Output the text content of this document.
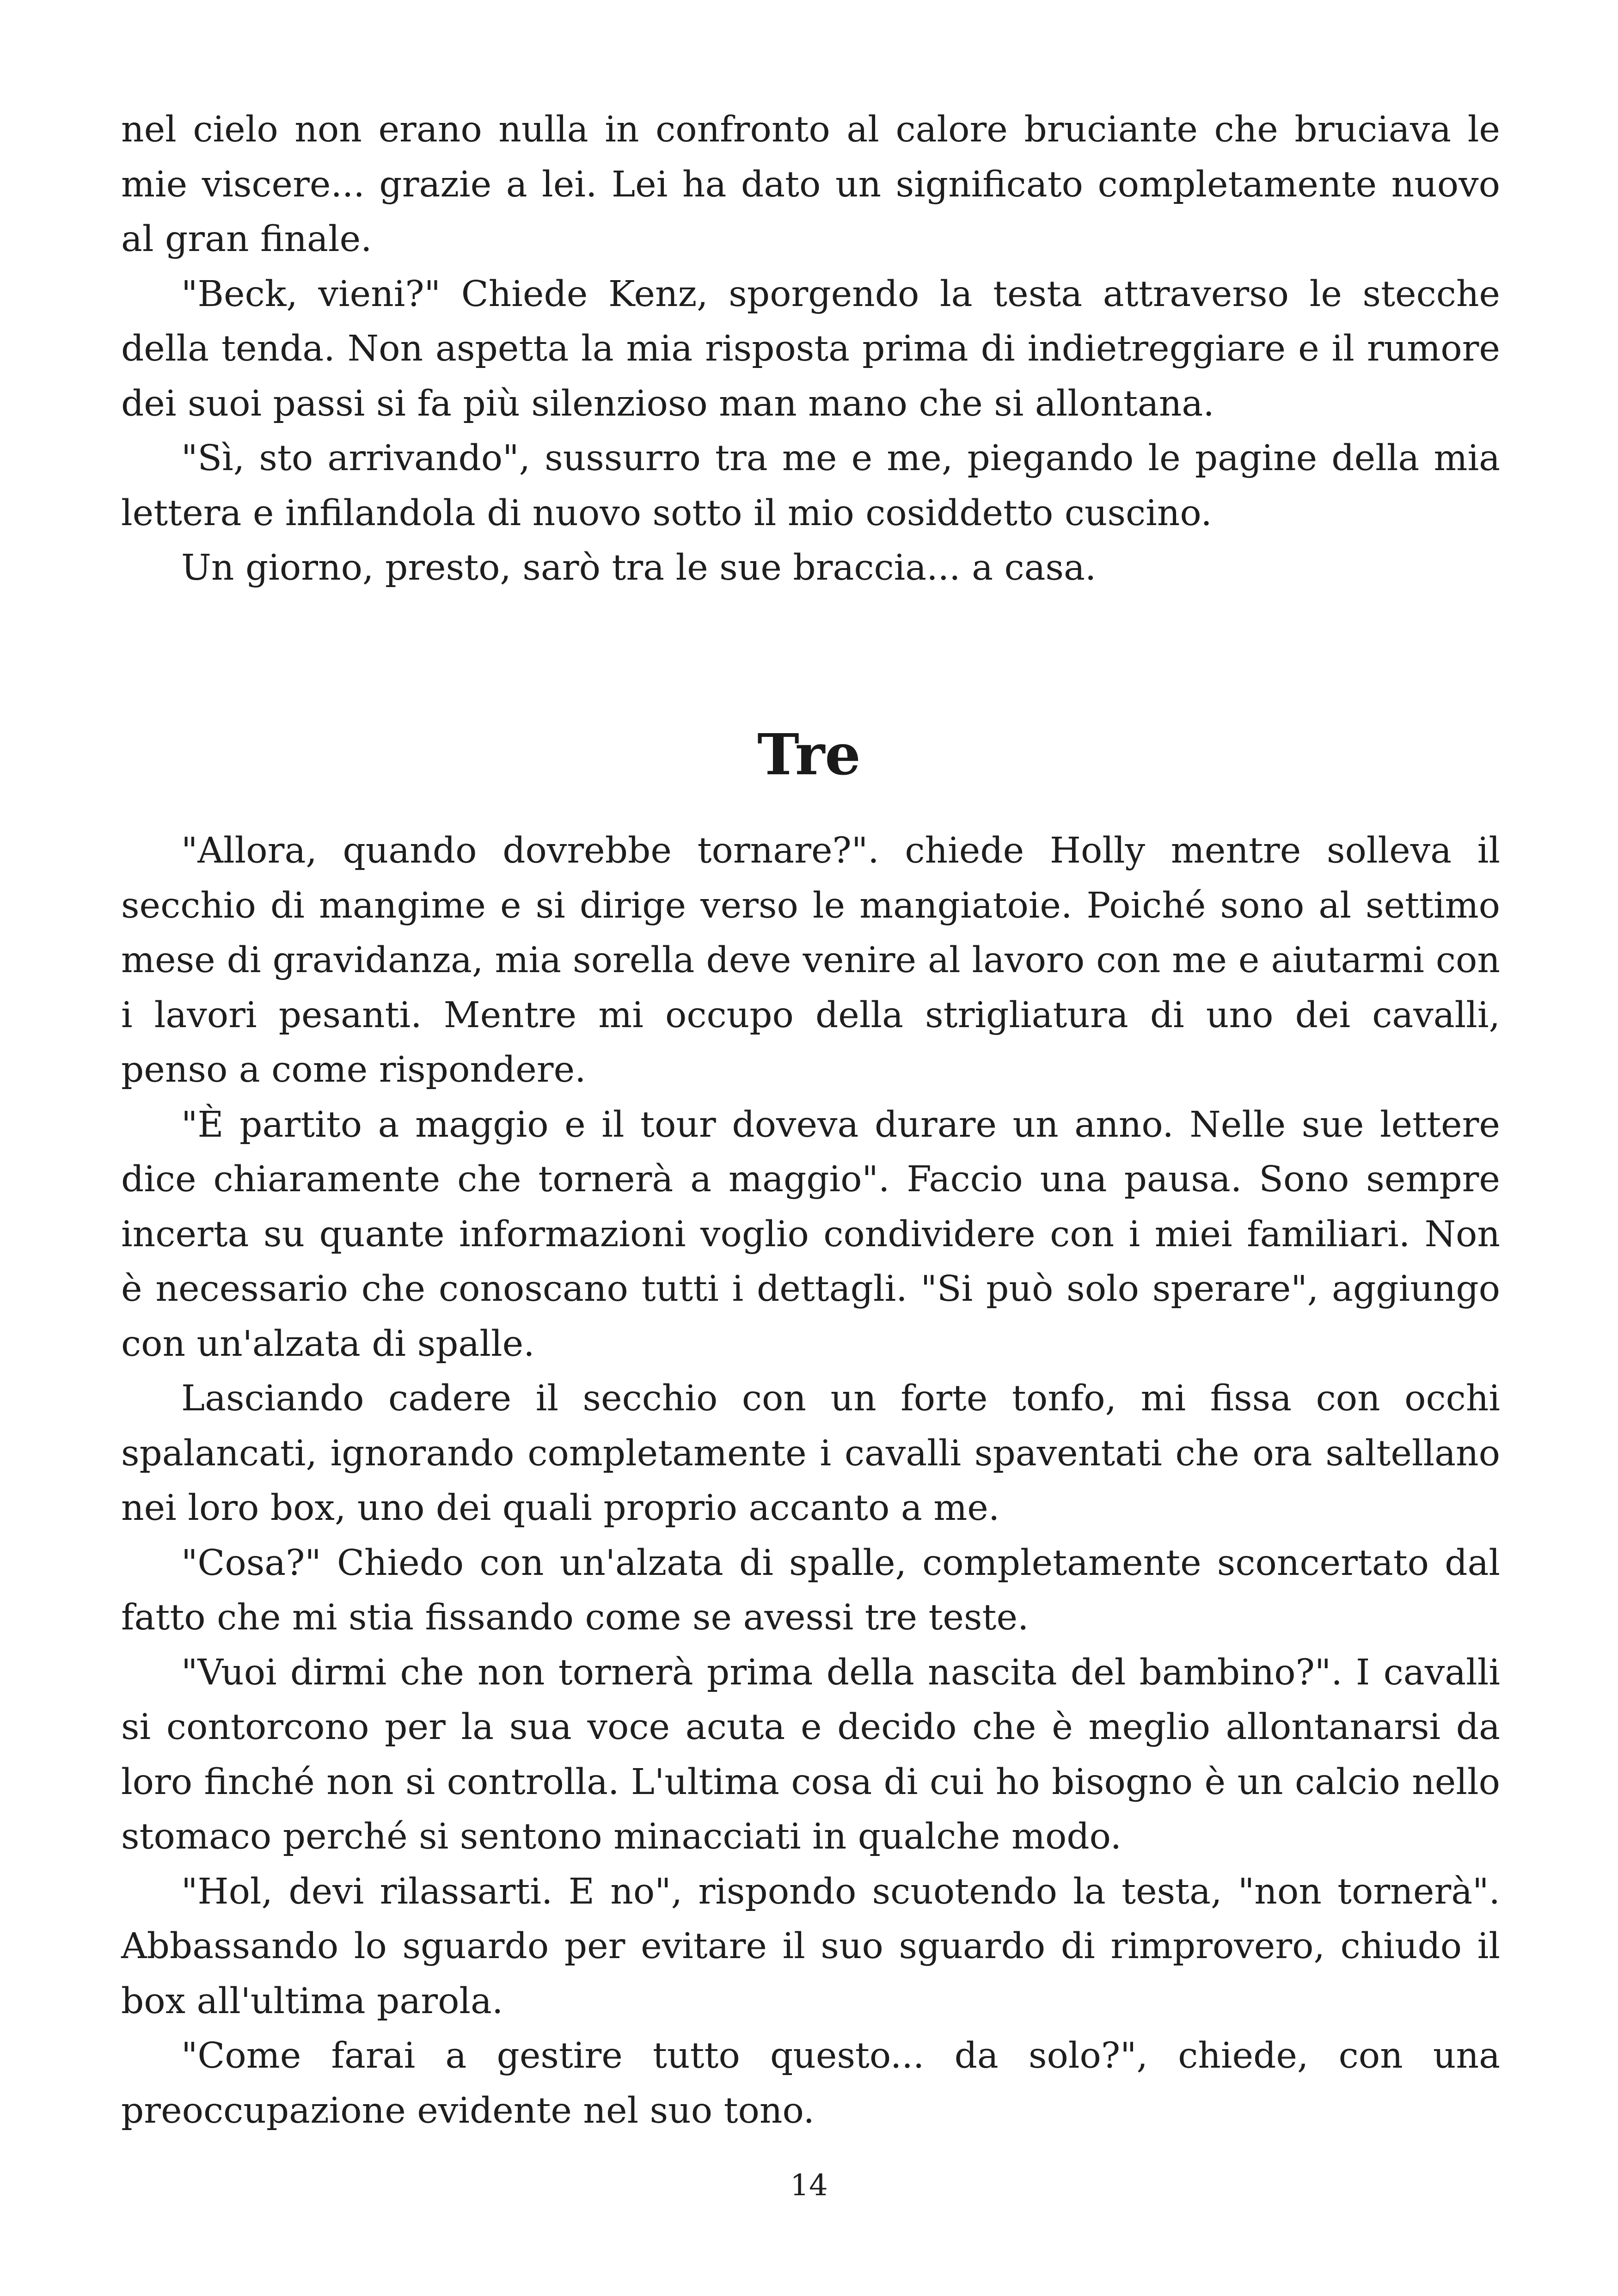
nel cielo non erano nulla in confronto al calore bruciante che bruciava le mie viscere... grazie a lei. Lei ha dato un significato completamente nuovo al gran finale.

"Beck, vieni?" Chiede Kenz, sporgendo la testa attraverso le stecche della tenda. Non aspetta la mia risposta prima di indietreggiare e il rumore dei suoi passi si fa più silenzioso man mano che si allontana.

"Sì, sto arrivando", sussurro tra me e me, piegando le pagine della mia lettera e infilandola di nuovo sotto il mio cosiddetto cuscino.

Un giorno, presto, sarò tra le sue braccia... a casa.

Tre

"Allora, quando dovrebbe tornare?". chiede Holly mentre solleva il secchio di mangime e si dirige verso le mangiatoie. Poiché sono al settimo mese di gravidanza, mia sorella deve venire al lavoro con me e aiutarmi con i lavori pesanti. Mentre mi occupo della strigliatura di uno dei cavalli, penso a come rispondere.

"È partito a maggio e il tour doveva durare un anno. Nelle sue lettere dice chiaramente che tornerà a maggio". Faccio una pausa. Sono sempre incerta su quante informazioni voglio condividere con i miei familiari. Non è necessario che conoscano tutti i dettagli. "Si può solo sperare", aggiungo con un'alzata di spalle.

Lasciando cadere il secchio con un forte tonfo, mi fissa con occhi spalancati, ignorando completamente i cavalli spaventati che ora saltellano nei loro box, uno dei quali proprio accanto a me.

"Cosa?" Chiedo con un'alzata di spalle, completamente sconcertato dal fatto che mi stia fissando come se avessi tre teste.

"Vuoi dirmi che non tornerà prima della nascita del bambino?". I cavalli si contorcono per la sua voce acuta e decido che è meglio allontanarsi da loro finché non si controlla. L'ultima cosa di cui ho bisogno è un calcio nello stomaco perché si sentono minacciati in qualche modo.

"Hol, devi rilassarti. E no", rispondo scuotendo la testa, "non tornerà". Abbassando lo sguardo per evitare il suo sguardo di rimprovero, chiudo il box all'ultima parola.

"Come farai a gestire tutto questo... da solo?", chiede, con una preoccupazione evidente nel suo tono.

14
